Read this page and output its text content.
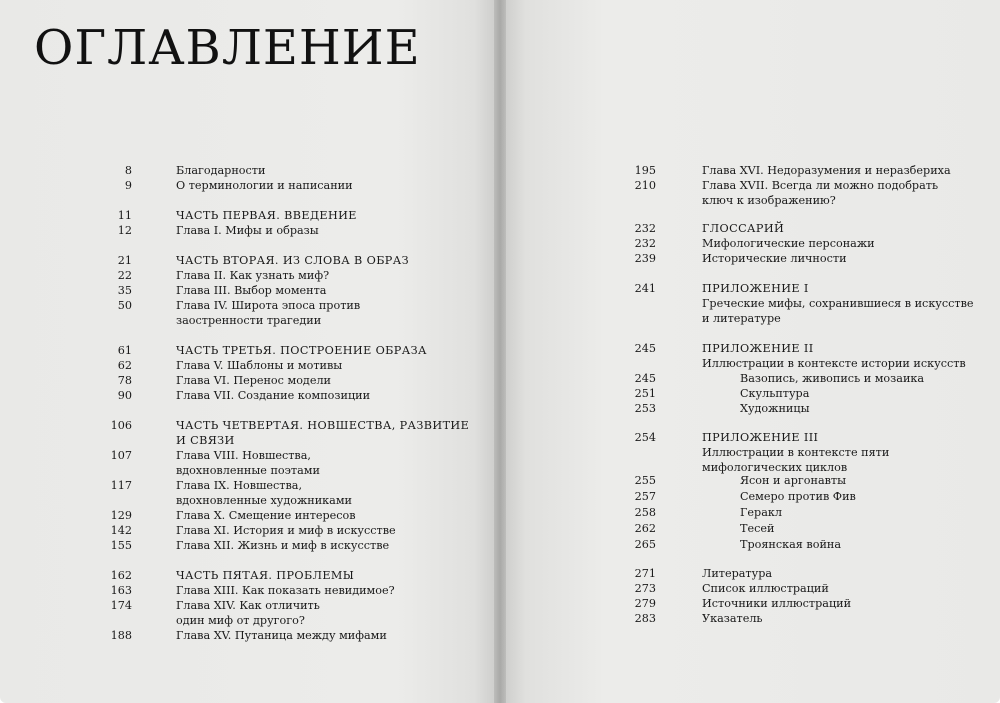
ОГЛАВЛЕНИЕ
8	Благодарности
9	О терминологии и написании
11	ЧАСТЬ ПЕРВАЯ. ВВЕДЕНИЕ
12	Глава I. Мифы и образы
21	ЧАСТЬ ВТОРАЯ. ИЗ СЛОВА В ОБРАЗ
22	Глава II. Как узнать миф?
35	Глава III. Выбор момента
50	Глава IV. Широта эпоса против
заостренности трагедии
61	ЧАСТЬ ТРЕТЬЯ. ПОСТРОЕНИЕ ОБРАЗА
62	Глава V. Шаблоны и мотивы
78	Глава VI. Перенос модели
90	Глава VII. Создание композиции
106	ЧАСТЬ ЧЕТВЕРТАЯ. НОВШЕСТВА, РАЗВИТИЕ
И СВЯЗИ
107	Глава VIII. Новшества,
вдохновленные поэтами
117	Глава IX. Новшества,
вдохновленные художниками
129	Глава X. Смещение интересов
142	Глава XI. История и миф в искусстве
155	Глава XII. Жизнь и миф в искусстве
162	ЧАСТЬ ПЯТАЯ. ПРОБЛЕМЫ
163	Глава XIII. Как показать невидимое?
174	Глава XIV. Как отличить
один миф от другого?
188	Глава XV. Путаница между мифами
195	Глава XVI. Недоразумения и неразбериха
210	Глава XVII. Всегда ли можно подобрать
ключ к изображению?
232	ГЛОССАРИЙ
232	Мифологические персонажи
239	Исторические личности
241	ПРИЛОЖЕНИЕ I
Греческие мифы, сохранившиеся в искусстве
и литературе
245	ПРИЛОЖЕНИЕ II
Иллюстрации в контексте истории искусств
245	Вазопись, живопись и мозаика
251	Скульптура
253	Художницы
254	ПРИЛОЖЕНИЕ III
Иллюстрации в контексте пяти
мифологических циклов
255	Ясон и аргонавты
257	Семеро против Фив
258	Геракл
262	Тесей
265	Троянская война
271	Литература
273	Список иллюстраций
279	Источники иллюстраций
283	Указатель
